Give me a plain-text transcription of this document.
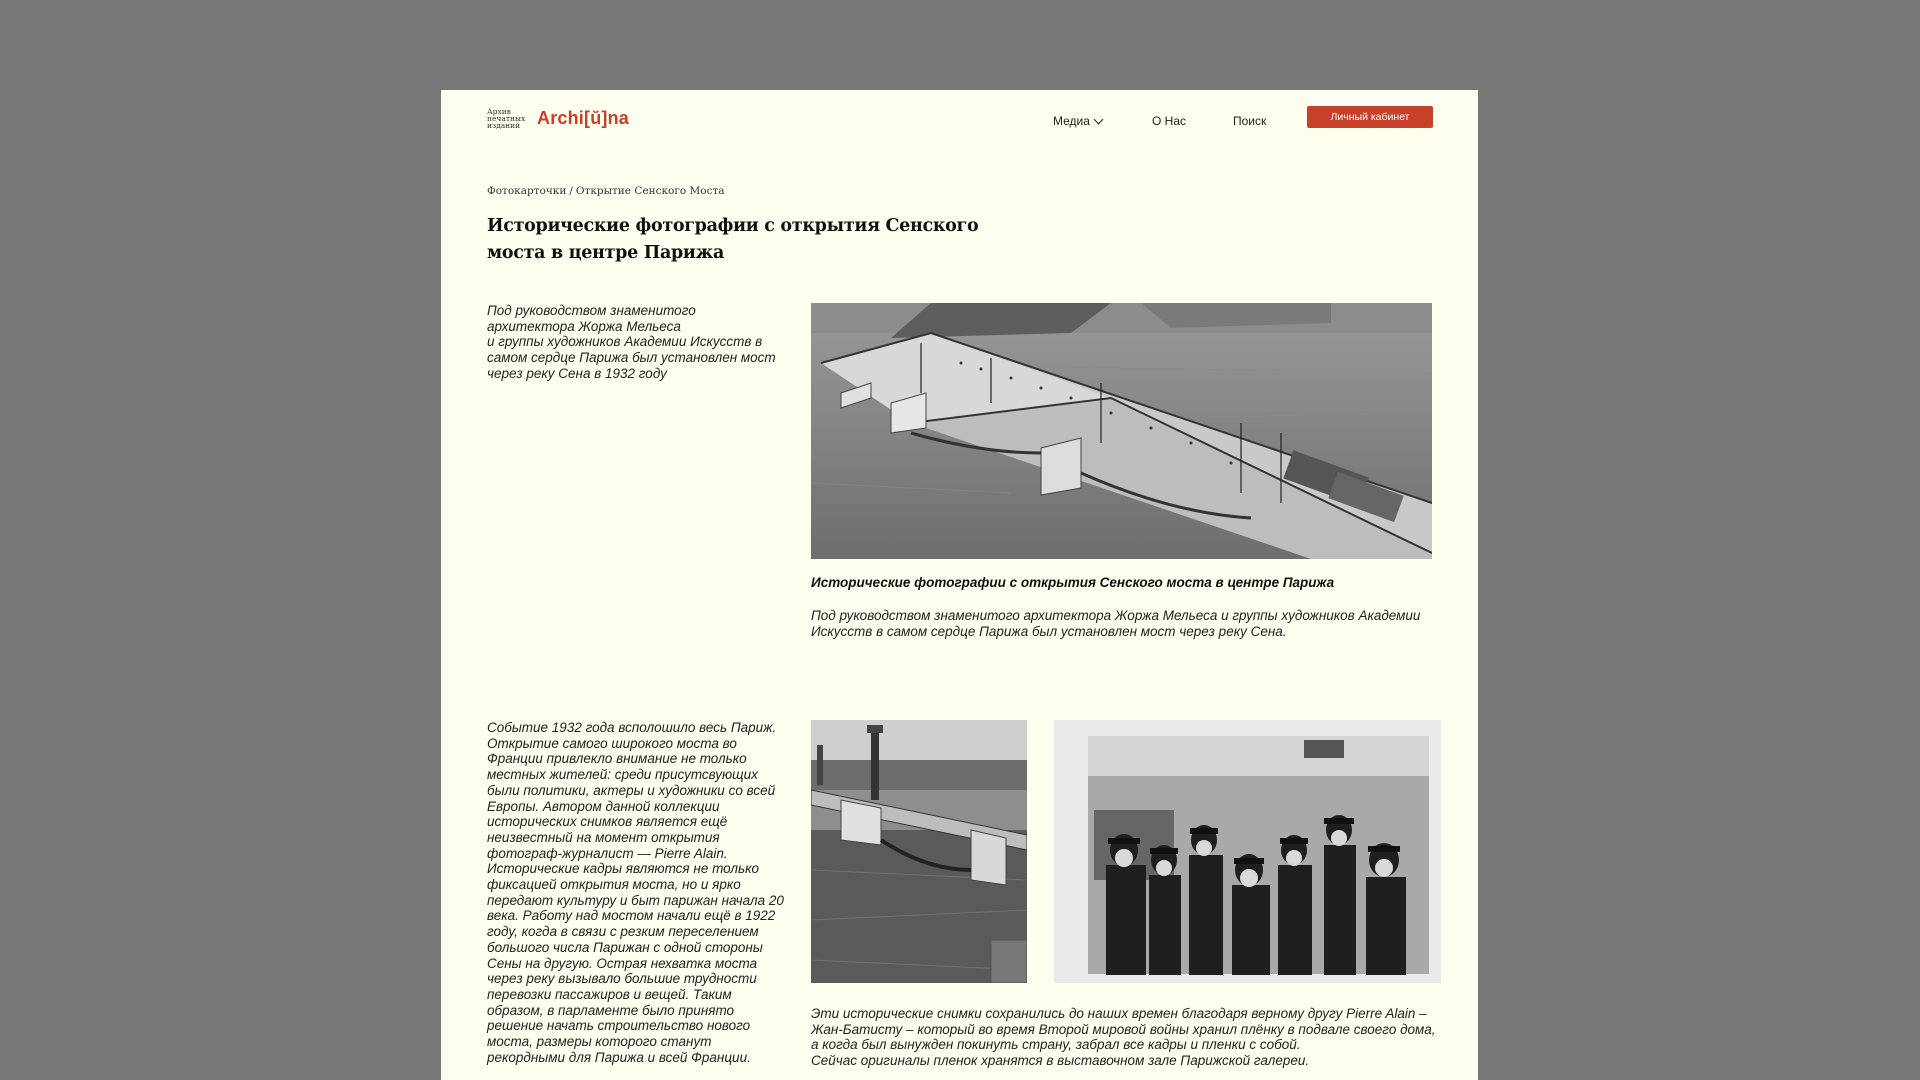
Архив печатных изданий Archi[ŭ]na	Медиа	О Нас	Поиск	Личный кабинет
Фотокарточки / Открытие Сенского Моста
Исторические фотографии с открытия Сенского моста в центре Парижа

Под руководством знаменитого архитектора Жоржа Мельеса
и группы художников Академии Искусств в самом сердце Парижа был установлен мост через реку Сена в 1932 году

Исторические фотографии с открытия Сенского моста в центре Парижа

Под руководством знаменитого архитектора Жоржа Мельеса и группы художников Академии Искусств в самом сердце Парижа был установлен мост через реку Сена.

Событие 1932 года всполошило весь Париж. Открытие самого широкого моста во Франции привлекло внимание не только местных жителей: среди присутсвующих были политики, актеры и художники со всей Европы. Автором данной коллекции исторических снимков является ещё неизвестный на момент открытия фотограф-журналист — Pierre Alain. Исторические кадры являются не только фиксацией открытия моста, но и ярко передают культуру и быт парижан начала 20 века. Работу над мостом начали ещё в 1922 году, когда в связи с резким переселением большого числа Парижан с одной стороны Сены на другую. Острая нехватка моста через реку вызывало большие трудности перевозки пассажиров и вещей. Таким образом, в парламенте было принято решение начать строительство нового моста, размеры которого станут рекордными для Парижа и всей Франции.

Эти исторические снимки сохранились до наших времен благодаря верному другу Pierre Alain – Жан-Батисту – который во время Второй мировой войны хранил плёнку в подвале своего дома,
а когда был вынужден покинуть страну, забрал все кадры и пленки с собой.
Сейчас оригиналы пленок хранятся в выставочном зале Парижской галереи.
